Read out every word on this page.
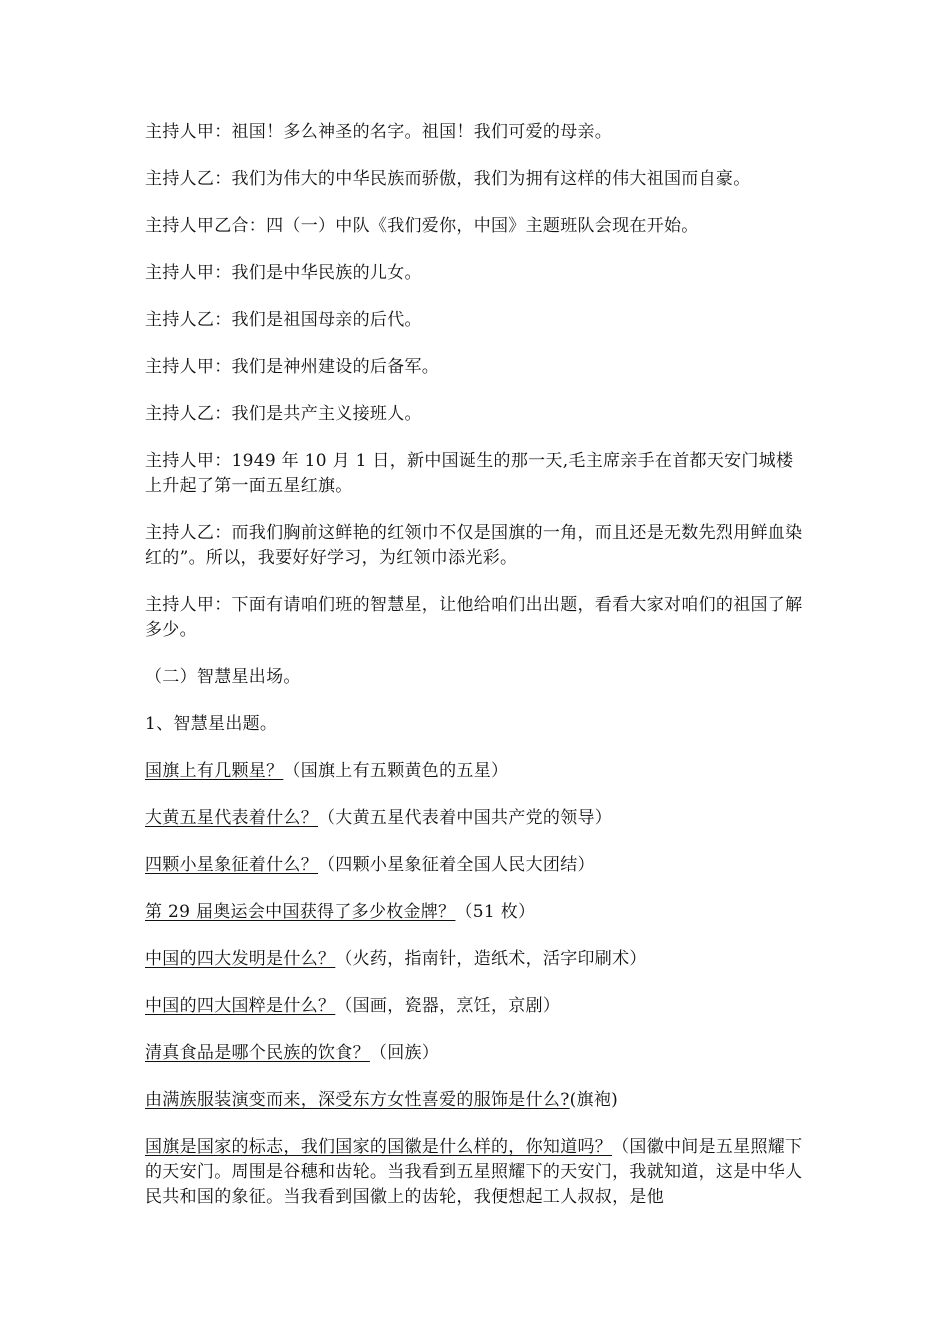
主持人甲：祖国！多么神圣的名字。祖国！我们可爱的母亲。

主持人乙：我们为伟大的中华民族而骄傲，我们为拥有这样的伟大祖国而自豪。

主持人甲乙合：四（一）中队《我们爱你，中国》主题班队会现在开始。

主持人甲：我们是中华民族的儿女。

主持人乙：我们是祖国母亲的后代。

主持人甲：我们是神州建设的后备军。

主持人乙：我们是共产主义接班人。

主持人甲：1949 年 10 月 1 日，新中国诞生的那一天,毛主席亲手在首都天安门城楼上升起了第一面五星红旗。

主持人乙：而我们胸前这鲜艳的红领巾不仅是国旗的一角，而且还是无数先烈用鲜血染红的”。所以，我要好好学习，为红领巾添光彩。

主持人甲：下面有请咱们班的智慧星，让他给咱们出出题，看看大家对咱们的祖国了解多少。

（二）智慧星出场。

1、智慧星出题。

国旗上有几颗星？（国旗上有五颗黄色的五星）

大黄五星代表着什么？（大黄五星代表着中国共产党的领导）

四颗小星象征着什么？（四颗小星象征着全国人民大团结）

第 29 届奥运会中国获得了多少枚金牌？（51 枚）

中国的四大发明是什么？（火药，指南针，造纸术，活字印刷术）

中国的四大国粹是什么？（国画，瓷器，烹饪，京剧）

清真食品是哪个民族的饮食？（回族）

由满族服装演变而来，深受东方女性喜爱的服饰是什么?(旗袍)

国旗是国家的标志，我们国家的国徽是什么样的，你知道吗？（国徽中间是五星照耀下的天安门。周围是谷穗和齿轮。当我看到五星照耀下的天安门，我就知道，这是中华人民共和国的象征。当我看到国徽上的齿轮，我便想起工人叔叔，是他
